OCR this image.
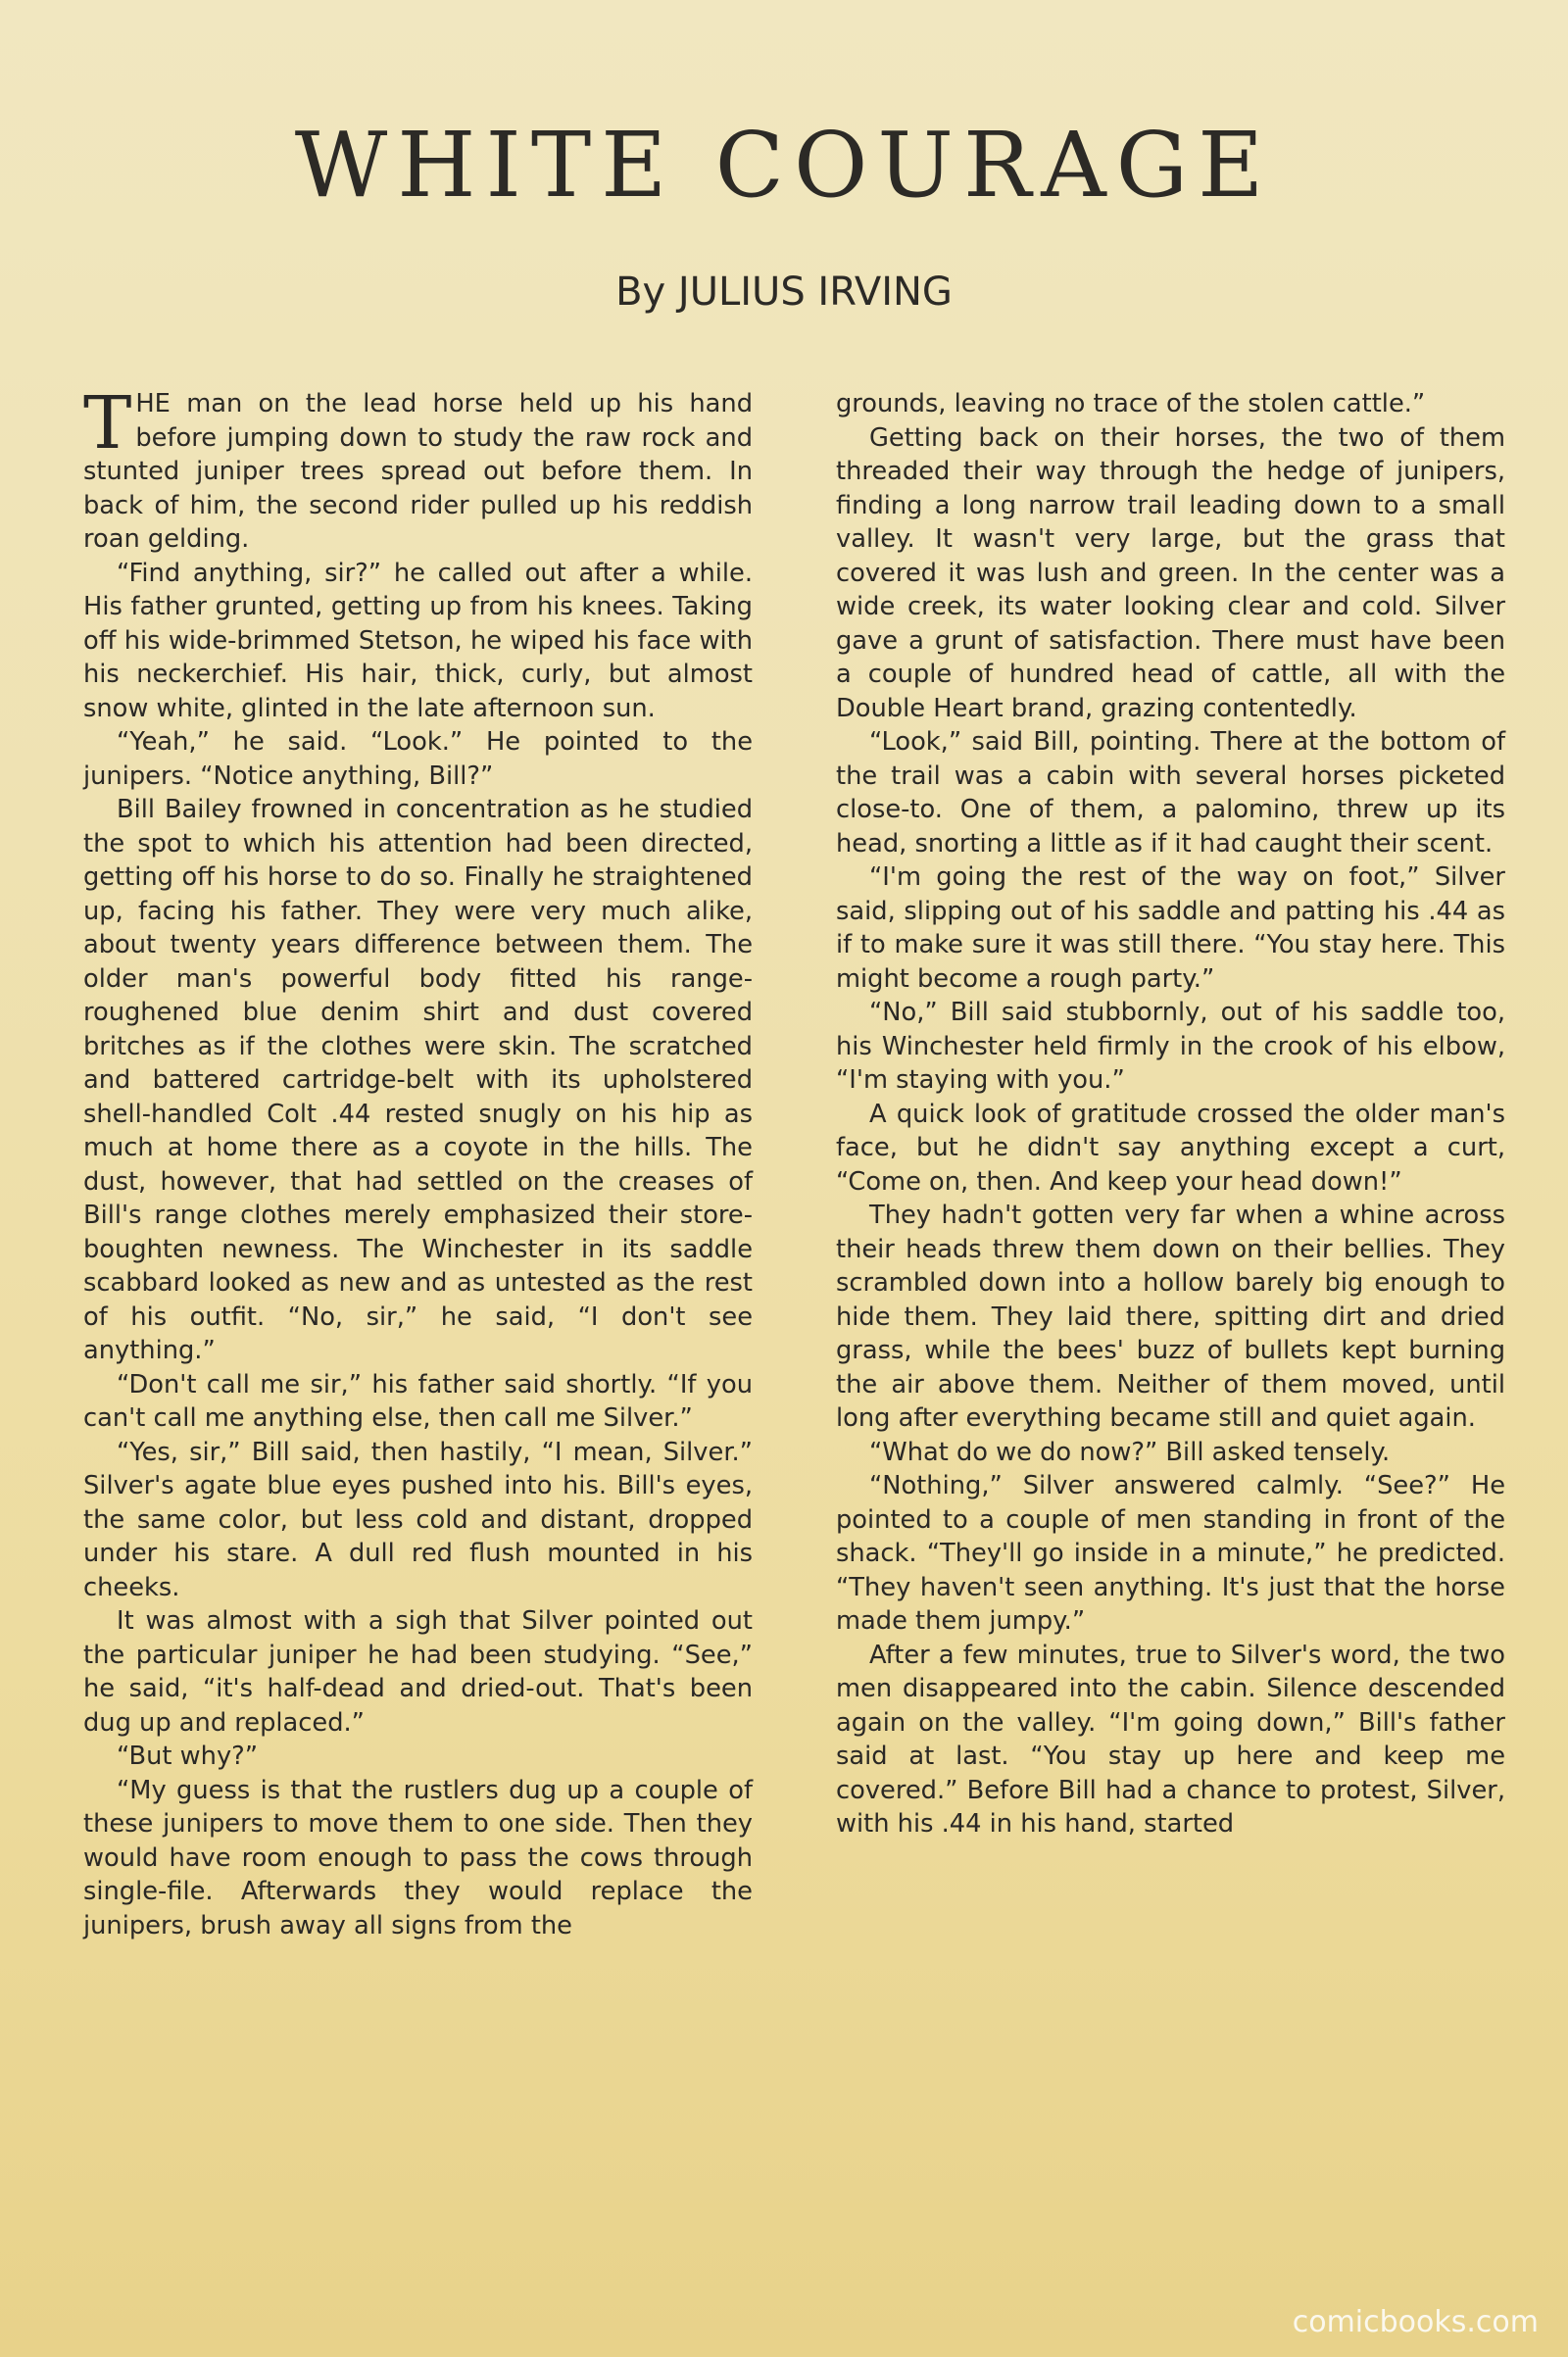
WHITE COURAGE
By JULIUS IRVING

THE man on the lead horse held up his hand before jumping down to study the raw rock and stunted juniper trees spread out before them. In back of him, the second rider pulled up his reddish roan gelding.

“Find anything, sir?” he called out after a while. His father grunted, getting up from his knees. Taking off his wide-brimmed Stetson, he wiped his face with his neckerchief. His hair, thick, curly, but almost snow white, glinted in the late afternoon sun.

“Yeah,” he said. “Look.” He pointed to the junipers. “Notice anything, Bill?”

Bill Bailey frowned in concentration as he studied the spot to which his attention had been directed, getting off his horse to do so. Finally he straightened up, facing his father. They were very much alike, about twenty years difference between them. The older man's powerful body fitted his range-roughened blue denim shirt and dust covered britches as if the clothes were skin. The scratched and battered cartridge-belt with its upholstered shell-handled Colt .44 rested snugly on his hip as much at home there as a coyote in the hills. The dust, however, that had settled on the creases of Bill's range clothes merely emphasized their store-boughten newness. The Winchester in its saddle scabbard looked as new and as untested as the rest of his outfit. “No, sir,” he said, “I don't see anything.”

“Don't call me sir,” his father said shortly. “If you can't call me anything else, then call me Silver.”

“Yes, sir,” Bill said, then hastily, “I mean, Silver.” Silver's agate blue eyes pushed into his. Bill's eyes, the same color, but less cold and distant, dropped under his stare. A dull red flush mounted in his cheeks.

It was almost with a sigh that Silver pointed out the particular juniper he had been studying. “See,” he said, “it's half-dead and dried-out. That's been dug up and replaced.”

“But why?”

“My guess is that the rustlers dug up a couple of these junipers to move them to one side. Then they would have room enough to pass the cows through single-file. Afterwards they would replace the junipers, brush away all signs from the

grounds, leaving no trace of the stolen cattle.”

Getting back on their horses, the two of them threaded their way through the hedge of junipers, finding a long narrow trail leading down to a small valley. It wasn't very large, but the grass that covered it was lush and green. In the center was a wide creek, its water looking clear and cold. Silver gave a grunt of satisfaction. There must have been a couple of hundred head of cattle, all with the Double Heart brand, grazing contentedly.

“Look,” said Bill, pointing. There at the bottom of the trail was a cabin with several horses picketed close-to. One of them, a palomino, threw up its head, snorting a little as if it had caught their scent.

“I'm going the rest of the way on foot,” Silver said, slipping out of his saddle and patting his .44 as if to make sure it was still there. “You stay here. This might become a rough party.”

“No,” Bill said stubbornly, out of his saddle too, his Winchester held firmly in the crook of his elbow, “I'm staying with you.”

A quick look of gratitude crossed the older man's face, but he didn't say anything except a curt, “Come on, then. And keep your head down!”

They hadn't gotten very far when a whine across their heads threw them down on their bellies. They scrambled down into a hollow barely big enough to hide them. They laid there, spitting dirt and dried grass, while the bees' buzz of bullets kept burning the air above them. Neither of them moved, until long after everything became still and quiet again.

“What do we do now?” Bill asked tensely.

“Nothing,” Silver answered calmly. “See?” He pointed to a couple of men standing in front of the shack. “They'll go inside in a minute,” he predicted. “They haven't seen anything. It's just that the horse made them jumpy.”

After a few minutes, true to Silver's word, the two men disappeared into the cabin. Silence descended again on the valley. “I'm going down,” Bill's father said at last. “You stay up here and keep me covered.” Before Bill had a chance to protest, Silver, with his .44 in his hand, started

comicbooks.com
